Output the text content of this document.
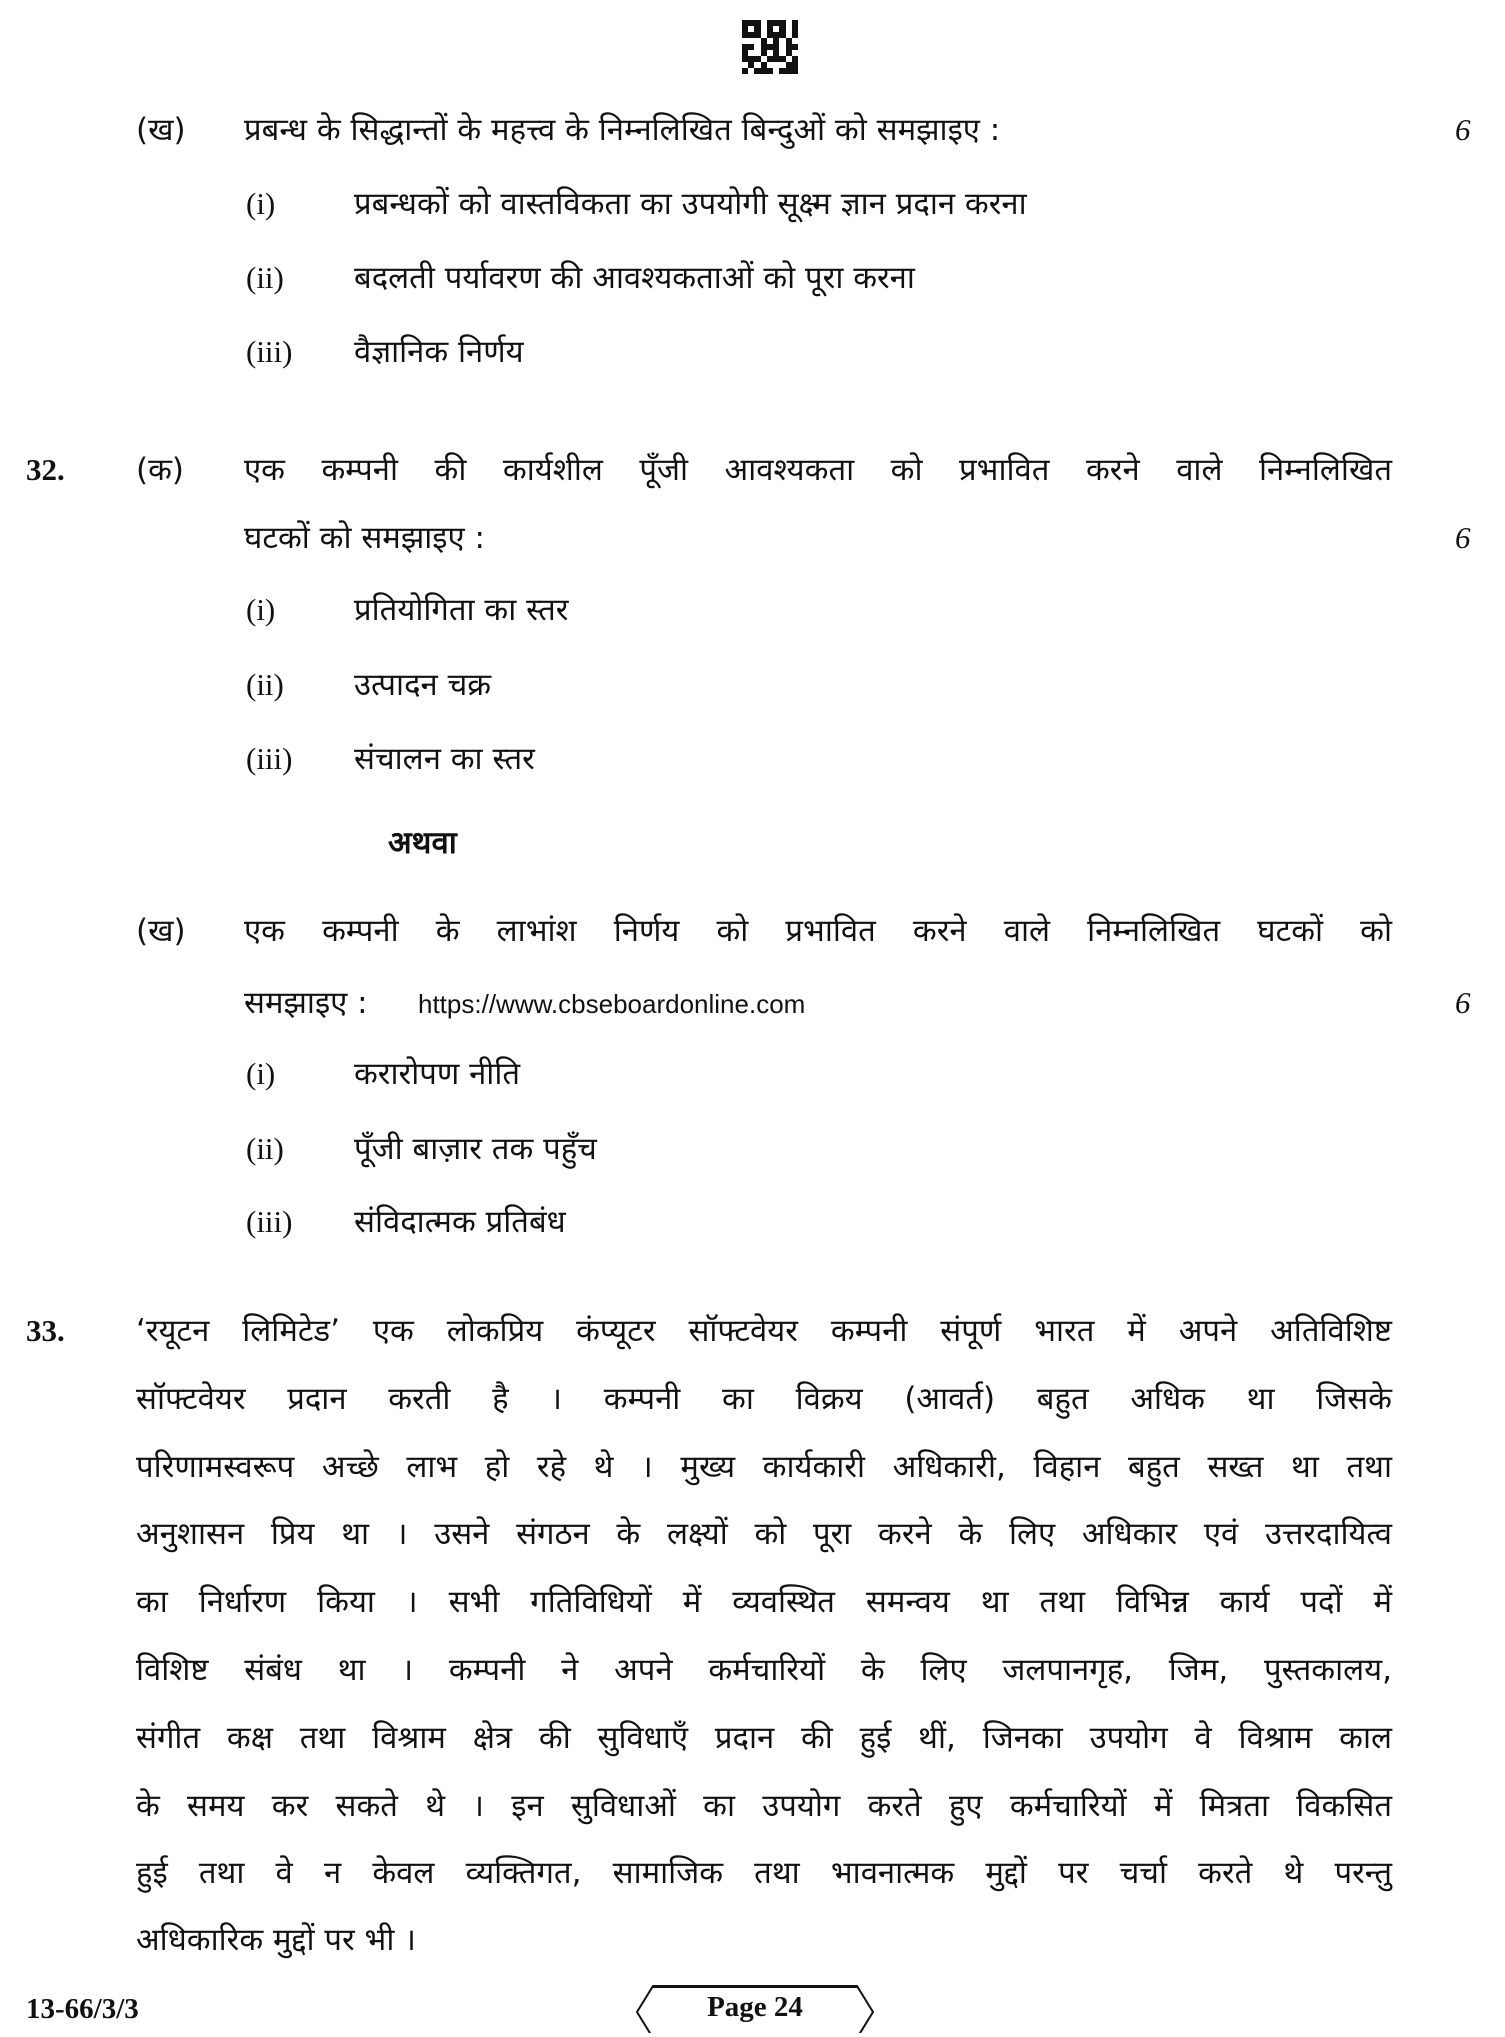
(ख) प्रबन्ध के सिद्धान्तों के महत्त्व के निम्नलिखित बिन्दुओं को समझाइए :	6
(i)	प्रबन्धकों को वास्तविकता का उपयोगी सूक्ष्म ज्ञान प्रदान करना
(ii) बदलती पर्यावरण की आवश्यकताओं को पूरा करना
(iii) वैज्ञानिक निर्णय
32. (क) एक कम्पनी की कार्यशील पूँजी आवश्यकता को प्रभावित करने वाले निम्नलिखित
घटकों को समझाइए :	6
(i)	प्रतियोगिता का स्तर
(ii) उत्पादन चक्र
(iii) संचालन का स्तर
अथवा
(ख) एक कम्पनी के लाभांश निर्णय को प्रभावित करने वाले निम्नलिखित घटकों को
समझाइए : https://www.cbseboardonline.com	6
(i)	करारोपण नीति
(ii) पूँजी बाज़ार तक पहुँच
(iii) संविदात्मक प्रतिबंध
33. ‘रयूटन लिमिटेड’ एक लोकप्रिय कंप्यूटर सॉफ्टवेयर कम्पनी संपूर्ण भारत में अपने अतिविशिष्ट
सॉफ्टवेयर प्रदान करती है । कम्पनी का विक्रय (आवर्त) बहुत अधिक था जिसके
परिणामस्वरूप अच्छे लाभ हो रहे थे । मुख्य कार्यकारी अधिकारी, विहान बहुत सख्त था तथा
अनुशासन प्रिय था । उसने संगठन के लक्ष्यों को पूरा करने के लिए अधिकार एवं उत्तरदायित्व
का निर्धारण किया । सभी गतिविधियों में व्यवस्थित समन्वय था तथा विभिन्न कार्य पदों में
विशिष्ट संबंध था । कम्पनी ने अपने कर्मचारियों के लिए जलपानगृह, जिम, पुस्तकालय,
संगीत कक्ष तथा विश्राम क्षेत्र की सुविधाएँ प्रदान की हुई थीं, जिनका उपयोग वे विश्राम काल
के समय कर सकते थे । इन सुविधाओं का उपयोग करते हुए कर्मचारियों में मित्रता विकसित
हुई तथा वे न केवल व्यक्तिगत, सामाजिक तथा भावनात्मक मुद्दों पर चर्चा करते थे परन्तु
अधिकारिक मुद्दों पर भी ।
13-66/3/3	Page 24
